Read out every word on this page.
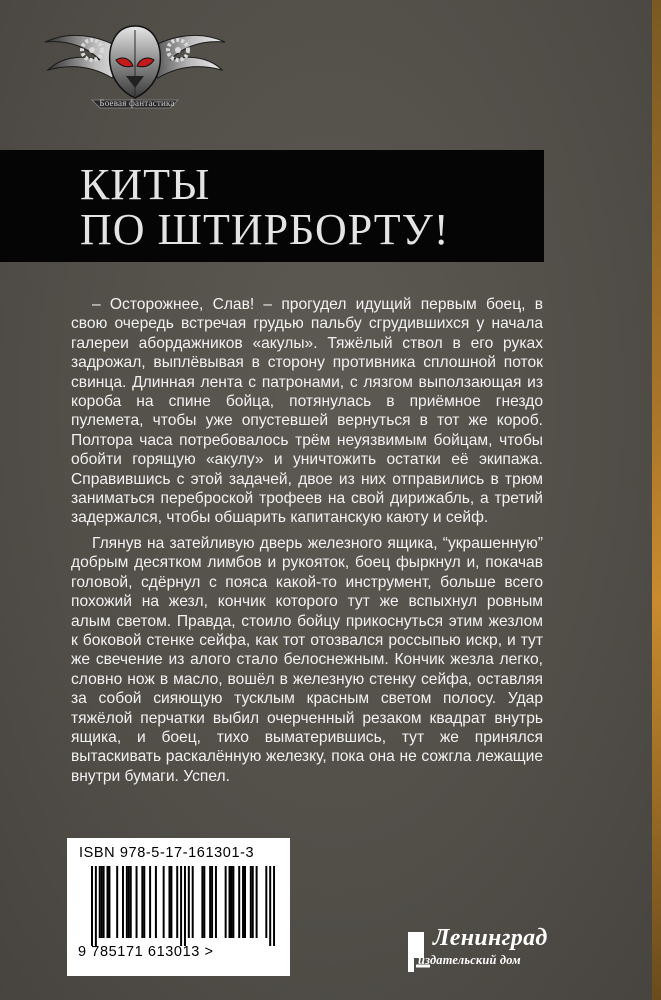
Боевая фантастика
КИТЫ
ПО ШТИРБОРТУ!

– Осторожнее, Слав! – прогудел идущий первым боец, в свою очередь встречая грудью пальбу сгрудившихся у начала галереи абордажников «акулы». Тяжёлый ствол в его руках задрожал, выплёвывая в сторону противника сплошной поток свинца. Длинная лента с патронами, с лязгом выползающая из короба на спине бойца, потянулась в приёмное гнездо пулемета, чтобы уже опустевшей вернуться в тот же короб. Полтора часа потребовалось трём неуязвимым бойцам, чтобы обойти горящую «акулу» и уничтожить остатки её экипажа. Справившись с этой задачей, двое из них отправились в трюм заниматься переброской трофеев на свой дирижабль, а третий задержался, чтобы обшарить капитанскую каюту и сейф.

Глянув на затейливую дверь железного ящика, “украшенную” добрым десятком лимбов и рукояток, боец фыркнул и, покачав головой, сдёрнул с пояса какой-то инструмент, больше всего похожий на жезл, кончик которого тут же вспыхнул ровным алым светом. Правда, стоило бойцу прикоснуться этим жезлом к боковой стенке сейфа, как тот отозвался россыпью искр, и тут же свечение из алого стало белоснежным. Кончик жезла легко, словно нож в масло, вошёл в железную стенку сейфа, оставляя за собой сияющую тусклым красным светом полосу. Удар тяжёлой перчатки выбил очерченный резаком квадрат внутрь ящика, и боец, тихо выматерившись, тут же принялся вытаскивать раскалённую железку, пока она не сожгла лежащие внутри бумаги. Успел.

ISBN 978-5-17-161301-3
9 785171 613013 >
Ленинград
издательский дом
